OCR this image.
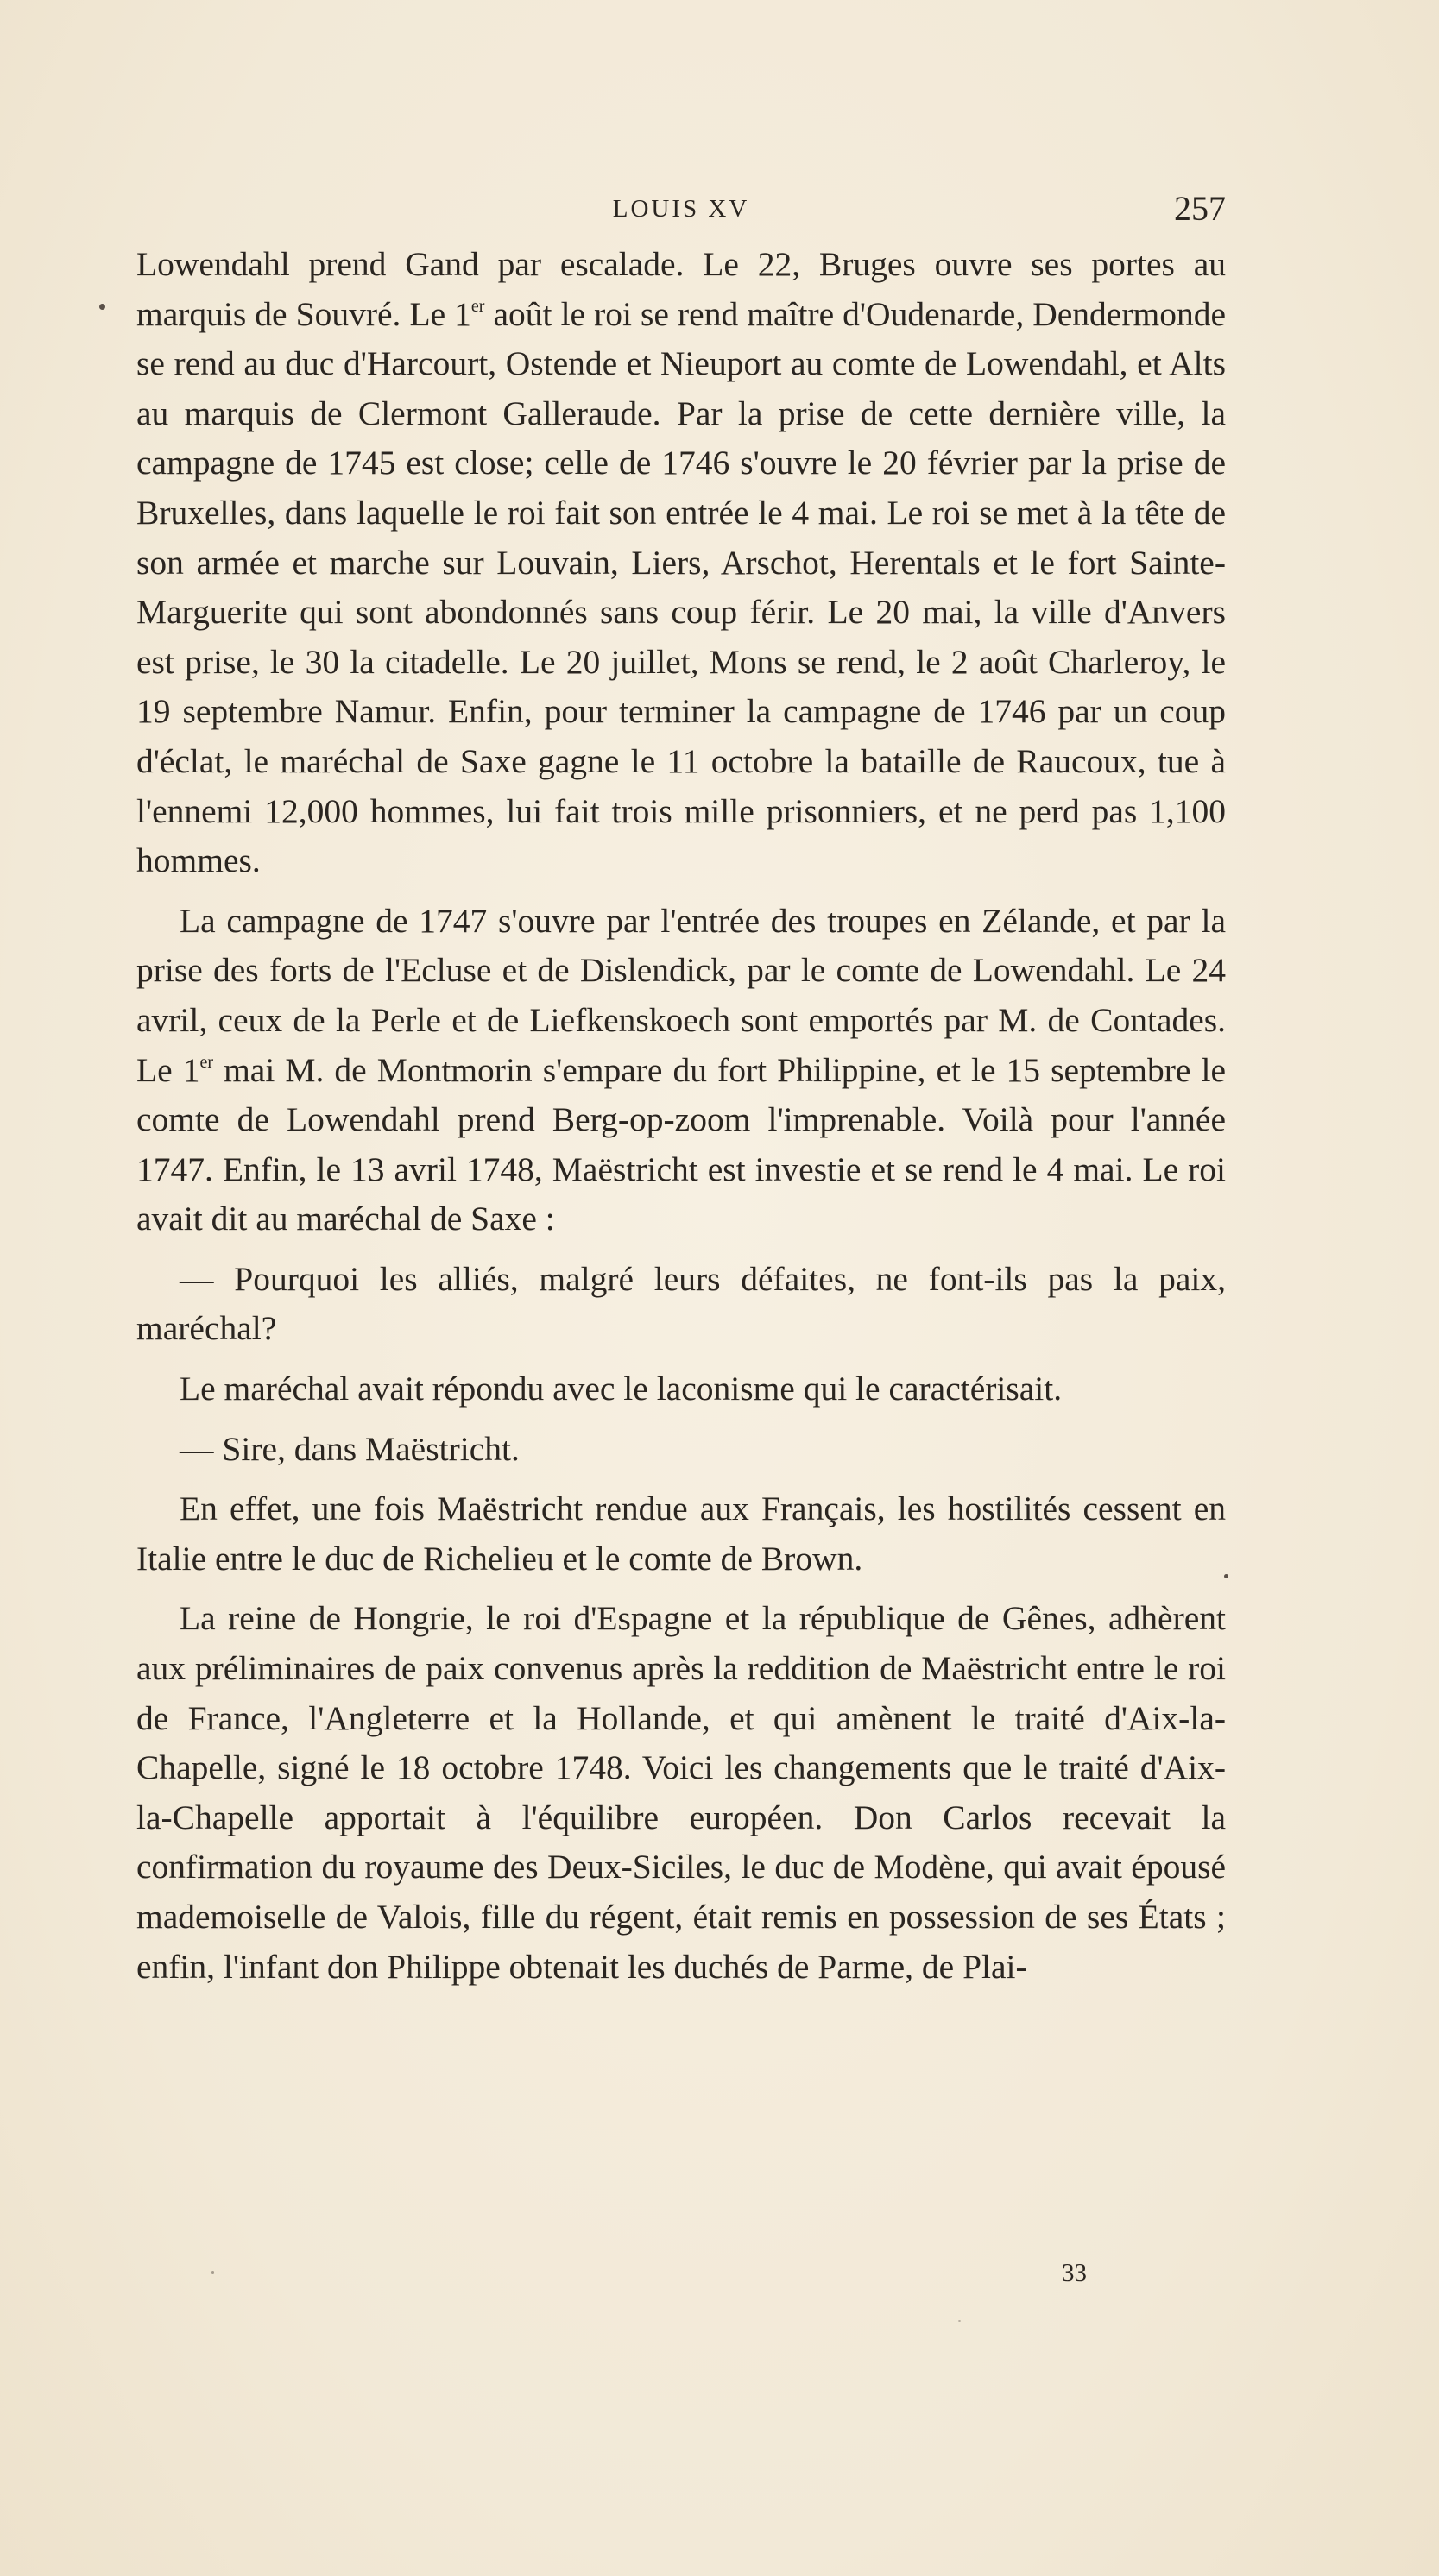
LOUIS XV	257

Lowendahl prend Gand par escalade. Le 22, Bruges ouvre ses portes au marquis de Souvré. Le 1er août le roi se rend maître d'Oudenarde, Dendermonde se rend au duc d'Harcourt, Ostende et Nieuport au comte de Lowendahl, et Alts au marquis de Clermont Galleraude. Par la prise de cette dernière ville, la campagne de 1745 est close; celle de 1746 s'ouvre le 20 février par la prise de Bruxelles, dans laquelle le roi fait son entrée le 4 mai. Le roi se met à la tête de son armée et marche sur Louvain, Liers, Arschot, Herentals et le fort Sainte-Marguerite qui sont abondonnés sans coup férir. Le 20 mai, la ville d'Anvers est prise, le 30 la citadelle. Le 20 juillet, Mons se rend, le 2 août Charleroy, le 19 septembre Namur. Enfin, pour terminer la campagne de 1746 par un coup d'éclat, le maréchal de Saxe gagne le 11 octobre la bataille de Raucoux, tue à l'ennemi 12,000 hommes, lui fait trois mille prisonniers, et ne perd pas 1,100 hommes.

La campagne de 1747 s'ouvre par l'entrée des troupes en Zélande, et par la prise des forts de l'Ecluse et de Dislendick, par le comte de Lowendahl. Le 24 avril, ceux de la Perle et de Liefkenskoech sont emportés par M. de Contades. Le 1er mai M. de Montmorin s'empare du fort Philippine, et le 15 septembre le comte de Lowendahl prend Berg-op-zoom l'imprenable. Voilà pour l'année 1747. Enfin, le 13 avril 1748, Maëstricht est investie et se rend le 4 mai. Le roi avait dit au maréchal de Saxe :

— Pourquoi les alliés, malgré leurs défaites, ne font-ils pas la paix, maréchal?

Le maréchal avait répondu avec le laconisme qui le caractérisait.

— Sire, dans Maëstricht.

En effet, une fois Maëstricht rendue aux Français, les hostilités cessent en Italie entre le duc de Richelieu et le comte de Brown.

La reine de Hongrie, le roi d'Espagne et la république de Gênes, adhèrent aux préliminaires de paix convenus après la reddition de Maëstricht entre le roi de France, l'Angleterre et la Hollande, et qui amènent le traité d'Aix-la-Chapelle, signé le 18 octobre 1748. Voici les changements que le traité d'Aix-la-Chapelle apportait à l'équilibre européen. Don Carlos recevait la confirmation du royaume des Deux-Siciles, le duc de Modène, qui avait épousé mademoiselle de Valois, fille du régent, était remis en possession de ses États ; enfin, l'infant don Philippe obtenait les duchés de Parme, de Plai-

33
